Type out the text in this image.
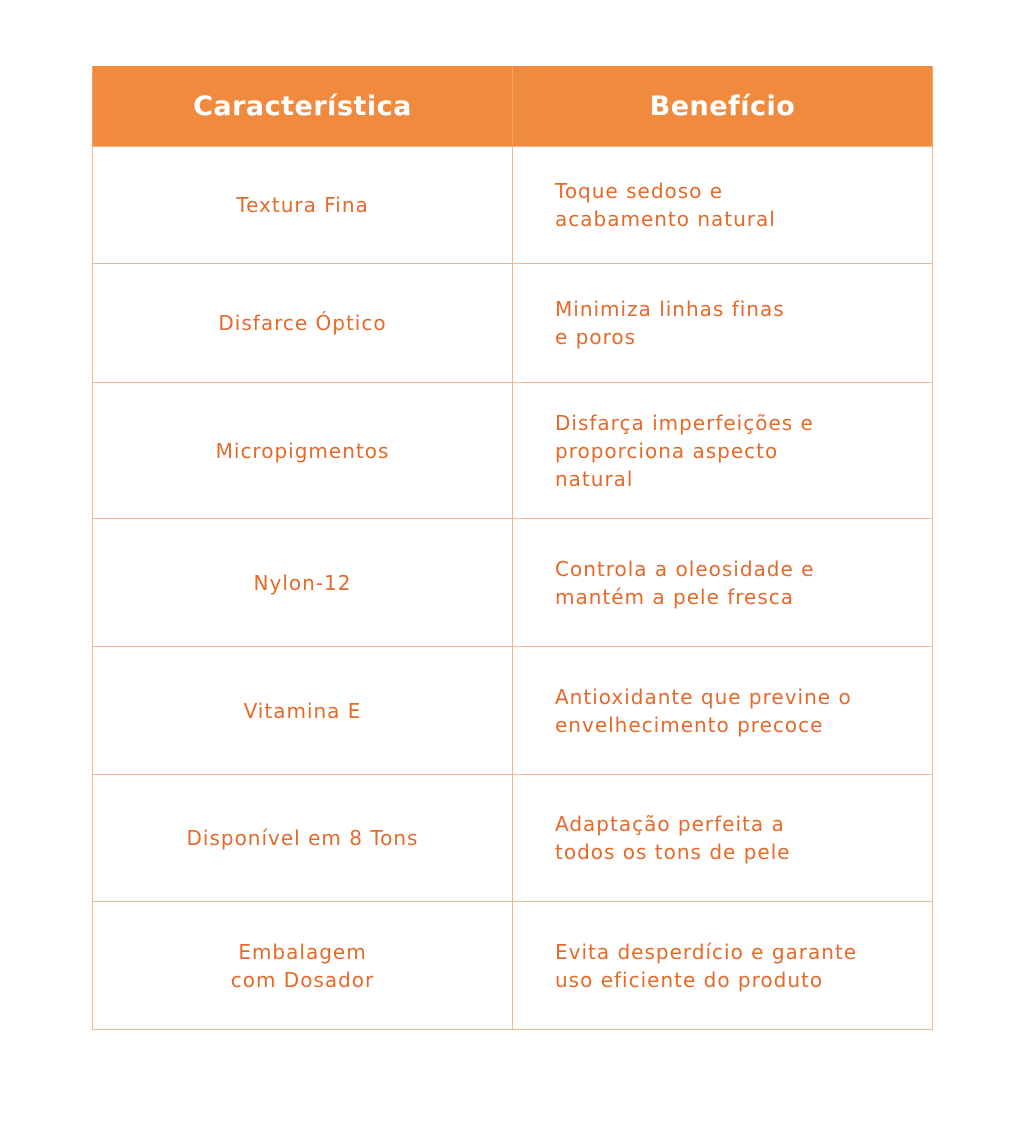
Característica	Benefício

Textura Fina	Toque sedoso e
acabamento natural

Disfarce Óptico	Minimiza linhas finas
e poros

Micropigmentos	Disfarça imperfeições e
proporciona aspecto
natural

Nylon-12	Controla a oleosidade e
mantém a pele fresca

Vitamina E	Antioxidante que previne o
envelhecimento precoce

Disponível em 8 Tons	Adaptação perfeita a
todos os tons de pele

Embalagem
com Dosador	Evita desperdício e garante
uso eficiente do produto
